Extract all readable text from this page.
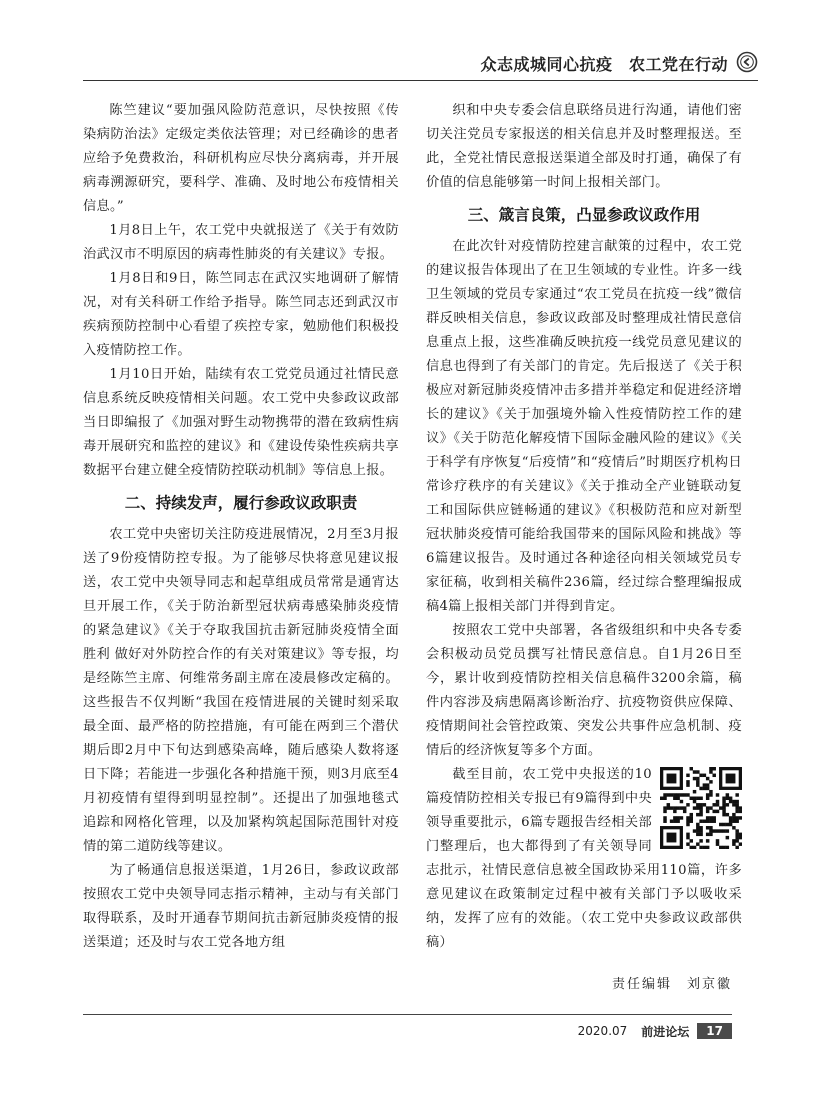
众志成城同心抗疫　农工党在行动

陈竺建议“要加强风险防范意识，尽快按照《传染病防治法》定级定类依法管理；对已经确诊的患者应给予免费救治，科研机构应尽快分离病毒，并开展病毒溯源研究，要科学、准确、及时地公布疫情相关信息。”

1月8日上午，农工党中央就报送了《关于有效防治武汉市不明原因的病毒性肺炎的有关建议》专报。

1月8日和9日，陈竺同志在武汉实地调研了解情况，对有关科研工作给予指导。陈竺同志还到武汉市疾病预防控制中心看望了疾控专家，勉励他们积极投入疫情防控工作。

1月10日开始，陆续有农工党党员通过社情民意信息系统反映疫情相关问题。农工党中央参政议政部当日即编报了《加强对野生动物携带的潜在致病性病毒开展研究和监控的建议》和《建设传染性疾病共享数据平台建立健全疫情防控联动机制》等信息上报。

二、持续发声，履行参政议政职责

农工党中央密切关注防疫进展情况，2月至3月报送了9份疫情防控专报。为了能够尽快将意见建议报送，农工党中央领导同志和起草组成员常常是通宵达旦开展工作，《关于防治新型冠状病毒感染肺炎疫情的紧急建议》《关于夺取我国抗击新冠肺炎疫情全面胜利 做好对外防控合作的有关对策建议》等专报，均是经陈竺主席、何维常务副主席在凌晨修改定稿的。这些报告不仅判断“我国在疫情进展的关键时刻采取最全面、最严格的防控措施，有可能在两到三个潜伏期后即2月中下旬达到感染高峰，随后感染人数将逐日下降；若能进一步强化各种措施干预，则3月底至4月初疫情有望得到明显控制”。还提出了加强地毯式追踪和网格化管理，以及加紧构筑起国际范围针对疫情的第二道防线等建议。

为了畅通信息报送渠道，1月26日，参政议政部按照农工党中央领导同志指示精神，主动与有关部门取得联系，及时开通春节期间抗击新冠肺炎疫情的报送渠道；还及时与农工党各地方组

织和中央专委会信息联络员进行沟通，请他们密切关注党员专家报送的相关信息并及时整理报送。至此，全党社情民意报送渠道全部及时打通，确保了有价值的信息能够第一时间上报相关部门。

三、箴言良策，凸显参政议政作用

在此次针对疫情防控建言献策的过程中，农工党的建议报告体现出了在卫生领域的专业性。许多一线卫生领域的党员专家通过“农工党员在抗疫一线”微信群反映相关信息，参政议政部及时整理成社情民意信息重点上报，这些准确反映抗疫一线党员意见建议的信息也得到了有关部门的肯定。先后报送了《关于积极应对新冠肺炎疫情冲击多措并举稳定和促进经济增长的建议》《关于加强境外输入性疫情防控工作的建议》《关于防范化解疫情下国际金融风险的建议》《关于科学有序恢复“后疫情”和“疫情后”时期医疗机构日常诊疗秩序的有关建议》《关于推动全产业链联动复工和国际供应链畅通的建议》《积极防范和应对新型冠状肺炎疫情可能给我国带来的国际风险和挑战》等6篇建议报告。及时通过各种途径向相关领域党员专家征稿，收到相关稿件236篇，经过综合整理编报成稿4篇上报相关部门并得到肯定。

按照农工党中央部署，各省级组织和中央各专委会积极动员党员撰写社情民意信息。自1月26日至今，累计收到疫情防控相关信息稿件3200余篇，稿件内容涉及病患隔离诊断治疗、抗疫物资供应保障、疫情期间社会管控政策、突发公共事件应急机制、疫情后的经济恢复等多个方面。

截至目前，农工党中央报送的10篇疫情防控相关专报已有9篇得到中央领导重要批示，6篇专题报告经相关部门整理后，也大都得到了有关领导同志批示，社情民意信息被全国政协采用110篇，许多意见建议在政策制定过程中被有关部门予以吸收采纳，发挥了应有的效能。（农工党中央参政议政部供稿）

责任编辑　刘京徽
2020.07 前进论坛	17
